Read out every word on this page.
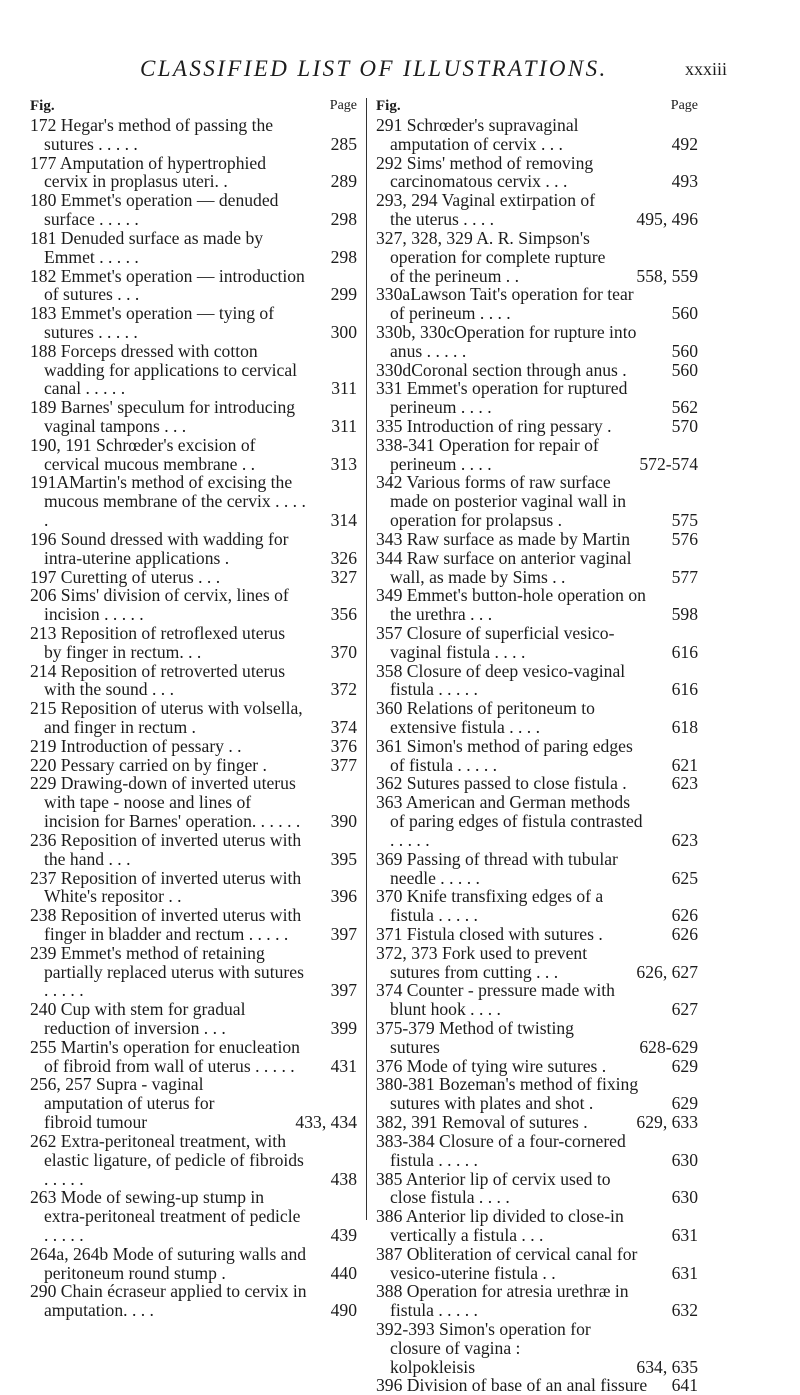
CLASSIFIED LIST OF ILLUSTRATIONS.	xxxiii
Fig.	Page
172 Hegar's method of passing the sutures . . . . .	285
177 Amputation of hypertrophied cervix in proplasus uteri. .	289
180 Emmet's operation — denuded surface . . . . .	298
181 Denuded surface as made by Emmet . . . . .	298
182 Emmet's operation — introduction of sutures . . .	299
183 Emmet's operation — tying of sutures . . . . .	300
188 Forceps dressed with cotton wadding for applications to cervical canal . . . . .	311
189 Barnes' speculum for introducing vaginal tampons . . .	311
190, 191 Schrœder's excision of cervical mucous membrane . .	313
191AMartin's method of excising the mucous membrane of the cervix . . . . .	314
196 Sound dressed with wadding for intra-uterine applications .	326
197 Curetting of uterus . . .	327
206 Sims' division of cervix, lines of incision . . . . .	356
213 Reposition of retroflexed uterus by finger in rectum. . .	370
214 Reposition of retroverted uterus with the sound . . .	372
215 Reposition of uterus with volsella, and finger in rectum .	374
219 Introduction of pessary . .	376
220 Pessary carried on by finger .	377
229 Drawing-down of inverted uterus with tape - noose and lines of incision for Barnes' operation. . . . . .	390
236 Reposition of inverted uterus with the hand . . .	395
237 Reposition of inverted uterus with White's repositor . .	396
238 Reposition of inverted uterus with finger in bladder and rectum . . . . .	397
239 Emmet's method of retaining partially replaced uterus with sutures . . . . .	397
240 Cup with stem for gradual reduction of inversion . . .	399
255 Martin's operation for enucleation of fibroid from wall of uterus . . . . .	431
256, 257 Supra - vaginal amputation of uterus for fibroid tumour	433, 434
262 Extra-peritoneal treatment, with elastic ligature, of pedicle of fibroids . . . . .	438
263 Mode of sewing-up stump in extra-peritoneal treatment of pedicle . . . . .	439
264a, 264b Mode of suturing walls and peritoneum round stump .	440
290 Chain écraseur applied to cervix in amputation. . . .	490
Fig.	Page
291 Schrœder's supravaginal amputation of cervix . . .	492
292 Sims' method of removing carcinomatous cervix . . .	493
293, 294 Vaginal extirpation of the uterus . . . .	495, 496
327, 328, 329 A. R. Simpson's operation for complete rupture of the perineum . .	558, 559
330aLawson Tait's operation for tear of perineum . . . .	560
330b, 330cOperation for rupture into anus . . . . .	560
330dCoronal section through anus .	560
331 Emmet's operation for ruptured perineum . . . .	562
335 Introduction of ring pessary .	570
338-341 Operation for repair of perineum . . . .	572-574
342 Various forms of raw surface made on posterior vaginal wall in operation for prolapsus .	575
343 Raw surface as made by Martin	576
344 Raw surface on anterior vaginal wall, as made by Sims . .	577
349 Emmet's button-hole operation on the urethra . . .	598
357 Closure of superficial vesico-vaginal fistula . . . .	616
358 Closure of deep vesico-vaginal fistula . . . . .	616
360 Relations of peritoneum to extensive fistula . . . .	618
361 Simon's method of paring edges of fistula . . . . .	621
362 Sutures passed to close fistula .	623
363 American and German methods of paring edges of fistula contrasted . . . . .	623
369 Passing of thread with tubular needle . . . . .	625
370 Knife transfixing edges of a fistula . . . . .	626
371 Fistula closed with sutures .	626
372, 373 Fork used to prevent sutures from cutting . . .	626, 627
374 Counter - pressure made with blunt hook . . . .	627
375-379 Method of twisting sutures	628-629
376 Mode of tying wire sutures .	629
380-381 Bozeman's method of fixing sutures with plates and shot .	629
382, 391 Removal of sutures .	629, 633
383-384 Closure of a four-cornered fistula . . . . .	630
385 Anterior lip of cervix used to close fistula . . . .	630
386 Anterior lip divided to close-in vertically a fistula . . .	631
387 Obliteration of cervical canal for vesico-uterine fistula . .	631
388 Operation for atresia urethræ in fistula . . . . .	632
392-393 Simon's operation for closure of vagina : kolpokleisis	634, 635
396 Division of base of an anal fissure	641
